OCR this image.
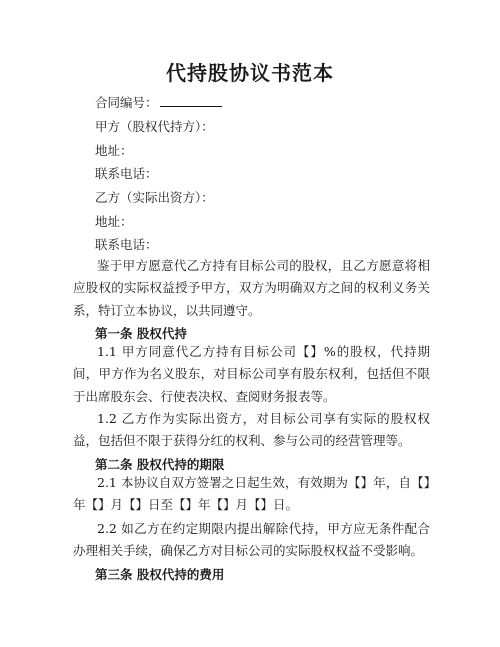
代持股协议书范本
合同编号：
甲方（股权代持方）：
地址：
联系电话：
乙方（实际出资方）：
地址：
联系电话：
鉴于甲方愿意代乙方持有目标公司的股权，且乙方愿意将相应股权的实际权益授予甲方，双方为明确双方之间的权利义务关系，特订立本协议，以共同遵守。
第一条 股权代持
1.1 甲方同意代乙方持有目标公司【】%的股权，代持期间，甲方作为名义股东，对目标公司享有股东权利，包括但不限于出席股东会、行使表决权、查阅财务报表等。
1.2 乙方作为实际出资方，对目标公司享有实际的股权权益，包括但不限于获得分红的权利、参与公司的经营管理等。
第二条 股权代持的期限
2.1 本协议自双方签署之日起生效，有效期为【】年，自【】年【】月【】日至【】年【】月【】日。
2.2 如乙方在约定期限内提出解除代持，甲方应无条件配合办理相关手续，确保乙方对目标公司的实际股权权益不受影响。
第三条 股权代持的费用
